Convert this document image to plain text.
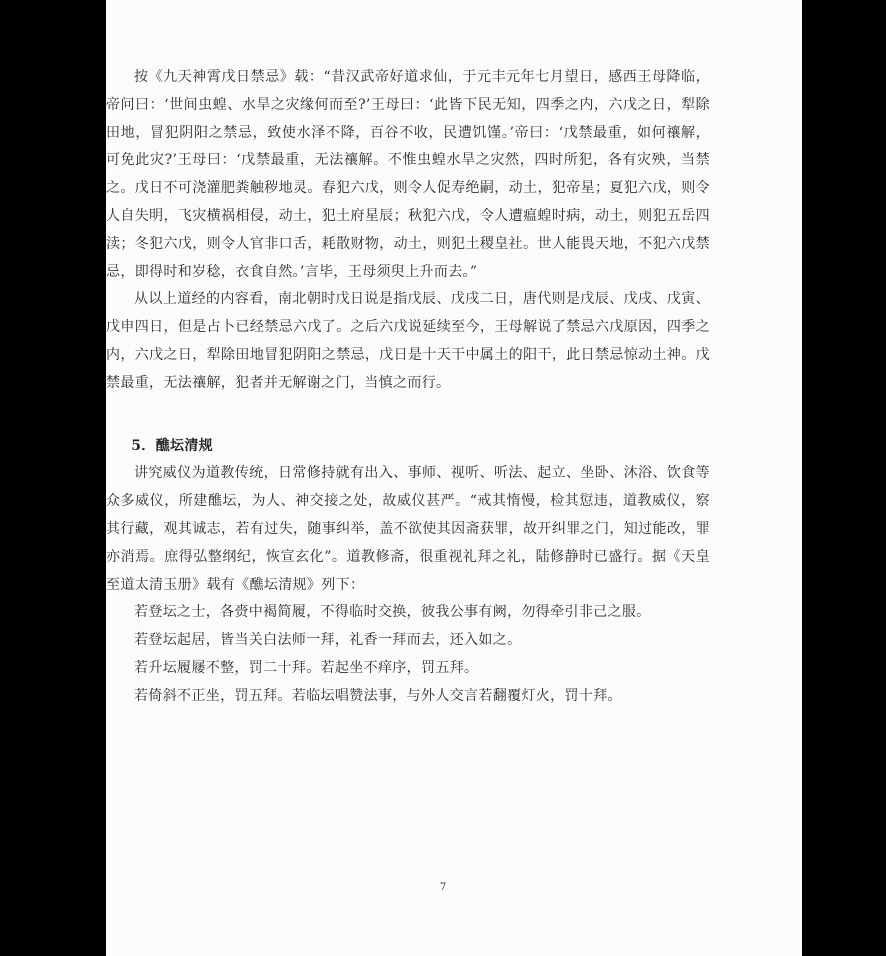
按《九天神霄戊日禁忌》载：“昔汉武帝好道求仙，于元丰元年七月望日，感西王母降临，帝问曰：‘世间虫蝗、水旱之灾缘何而至?’王母曰：‘此皆下民无知，四季之内，六戊之日，犁除田地，冒犯阴阳之禁忌，致使水泽不降，百谷不收，民遭饥馑。’帝曰：‘戊禁最重，如何禳解，可免此灾?’王母曰：‘戊禁最重，无法禳解。不惟虫蝗水旱之灾然，四时所犯，各有灾殃，当禁之。戊日不可浇灌肥粪触秽地灵。春犯六戊，则令人促寿绝嗣，动土，犯帝星；夏犯六戊，则令人自失明，飞灾横祸相侵，动土，犯土府星辰；秋犯六戊，令人遭瘟蝗时病，动土，则犯五岳四渎；冬犯六戊，则令人官非口舌，耗散财物，动土，则犯土稷皇社。世人能畏天地，不犯六戊禁忌，即得时和岁稔，衣食自然。’言毕，王母须臾上升而去。”

从以上道经的内容看，南北朝时戊日说是指戊辰、戊戌二日，唐代则是戊辰、戊戌、戊寅、戊申四日，但是占卜已经禁忌六戊了。之后六戊说延续至今，王母解说了禁忌六戊原因，四季之内，六戊之日，犁除田地冒犯阴阳之禁忌，戊日是十天干中属土的阳干，此日禁忌惊动土神。戊禁最重，无法禳解，犯者并无解谢之门，当慎之而行。

5．醮坛清规

讲究威仪为道教传统，日常修持就有出入、事师、视听、听法、起立、坐卧、沐浴、饮食等众多威仪，所建醮坛，为人、神交接之处，故威仪甚严。“戒其惰慢，检其愆违，道教威仪，察其行藏，观其诚志，若有过失，随事纠举，盖不欲使其因斋获罪，故开纠罪之门，知过能改，罪亦消焉。庶得弘整纲纪，恢宣玄化”。道教修斋，很重视礼拜之礼，陆修静时已盛行。据《天皇至道太清玉册》载有《醮坛清规》列下：

若登坛之士，各赍中褐简履，不得临时交换，彼我公事有阙，勿得牵引非己之服。

若登坛起居，皆当关白法师一拜，礼香一拜而去，还入如之。

若升坛履屦不整，罚二十拜。若起坐不痒序，罚五拜。

若倚斜不正坐，罚五拜。若临坛唱赞法事，与外人交言若翻覆灯火，罚十拜。

7
